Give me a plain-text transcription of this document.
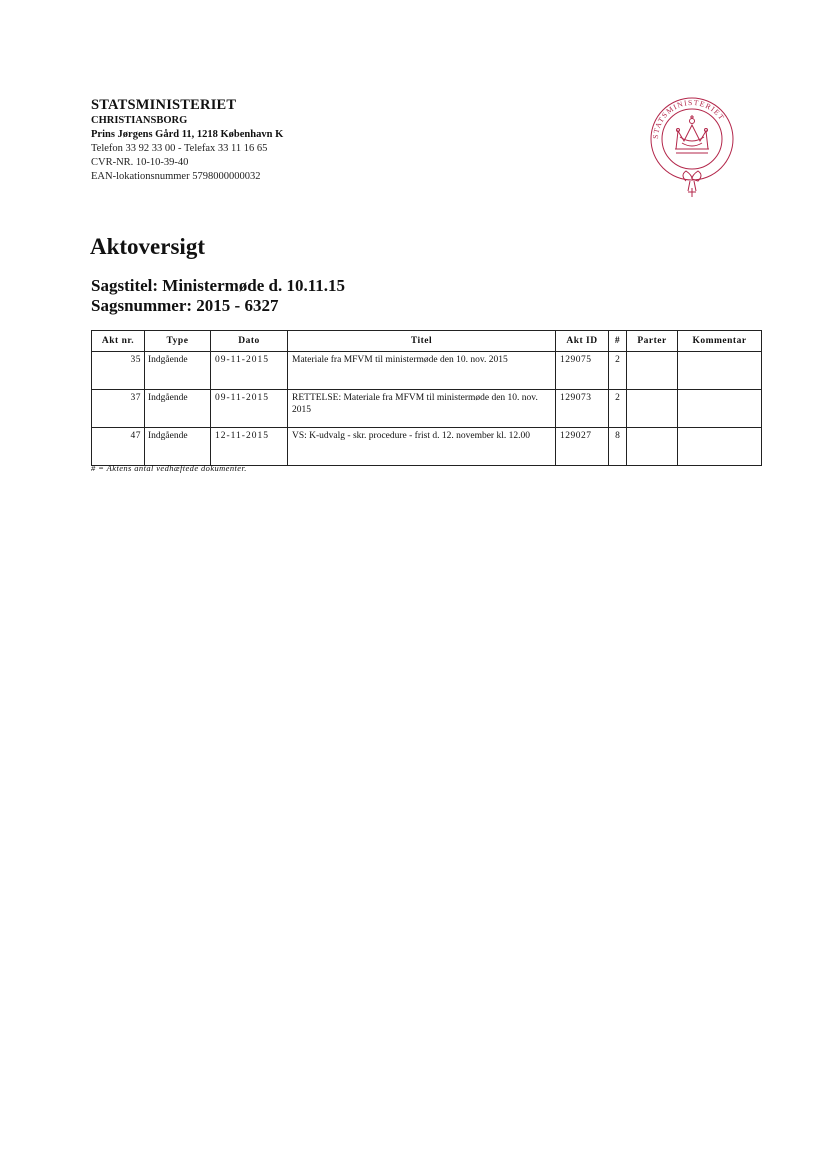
STATSMINISTERIET
CHRISTIANSBORG
Prins Jørgens Gård 11, 1218 København K
Telefon 33 92 33 00 - Telefax 33 11 16 65
CVR-NR. 10-10-39-40
EAN-lokationsnummer 5798000000032
STATSMINISTERIET
Aktoversigt
Sagstitel: Ministermøde d. 10.11.15
Sagsnummer: 2015 - 6327
Akt nr.	Type	Dato	Titel	Akt ID	#	Parter	Kommentar
35	Indgående	09-11-2015	Materiale fra MFVM til ministermøde den 10. nov. 2015	129075	2		
37	Indgående	09-11-2015	RETTELSE: Materiale fra MFVM til ministermøde den 10. nov. 2015	129073	2		
47	Indgående	12-11-2015	VS: K-udvalg - skr. procedure - frist d. 12. november kl. 12.00	129027	8		
# = Aktens antal vedhæftede dokumenter.
